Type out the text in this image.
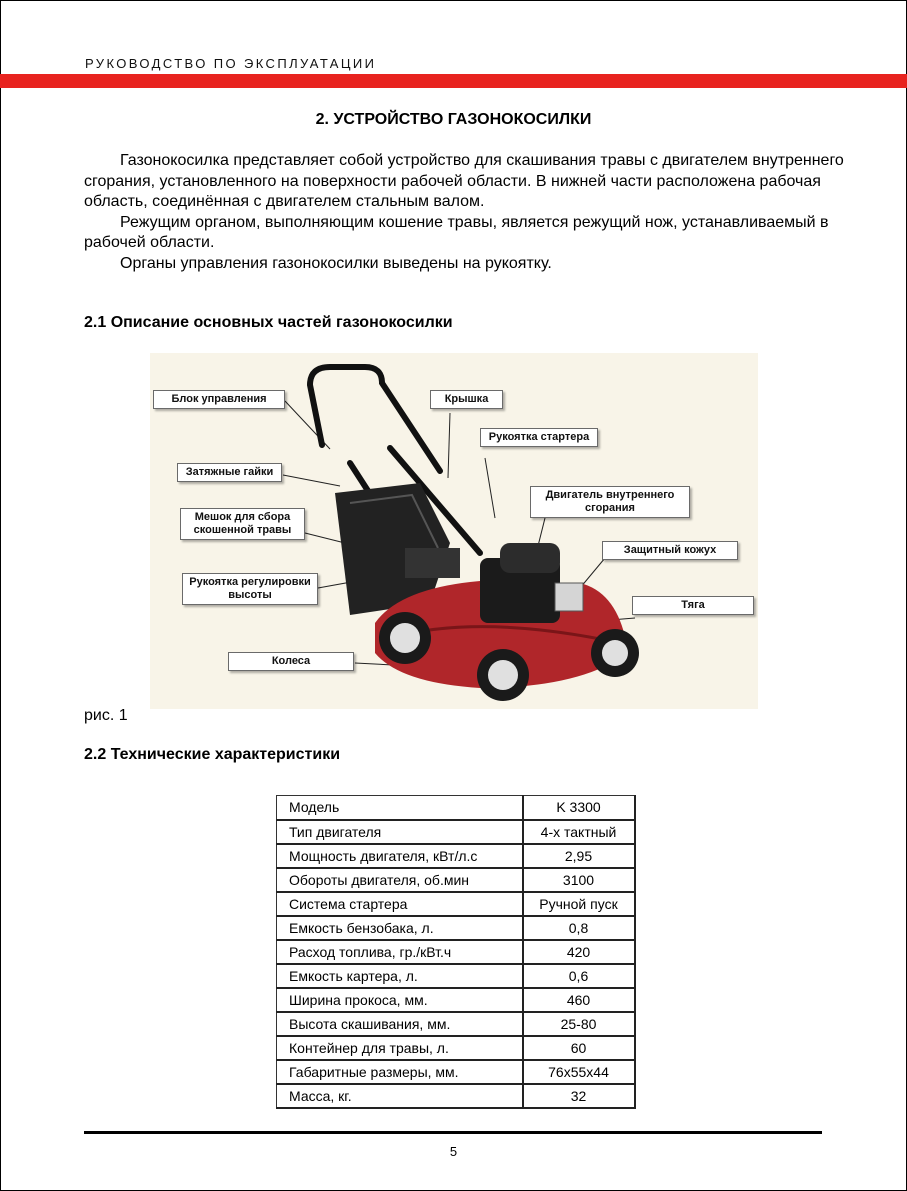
РУКОВОДСТВО ПО ЭКСПЛУАТАЦИИ
2. УСТРОЙСТВО ГАЗОНОКОСИЛКИ

Газонокосилка представляет собой устройство для скашивания травы с двигателем внутреннего сгорания, установленного на поверхности рабочей области. В нижней части расположена рабочая область, соединённая с двигателем стальным валом.

Режущим органом, выполняющим кошение травы, является режущий нож, устанавливаемый в рабочей области.

Органы управления газонокосилки выведены на рукоятку.

2.1 Описание основных частей газонокосилки
Блок управления	Крышка
Рукоятка стартера
Затяжные гайки
Двигатель внутреннего сгорания
Мешок для сбора скошенной травы
Защитный кожух
Рукоятка регулировки высоты
Тяга
Колеса
рис. 1
2.2 Технические характеристики
Модель	K 3300
Тип двигателя	4-х тактный
Мощность двигателя, кВт/л.с	2,95
Обороты двигателя, об.мин	3100
Система стартера	Ручной пуск
Емкость бензобака, л.	0,8
Расход топлива, гр./кВт.ч	420
Емкость картера, л.	0,6
Ширина прокоса, мм.	460
Высота скашивания, мм.	25-80
Контейнер для травы, л.	60
Габаритные размеры, мм.	76х55х44
Масса, кг.	32
5
